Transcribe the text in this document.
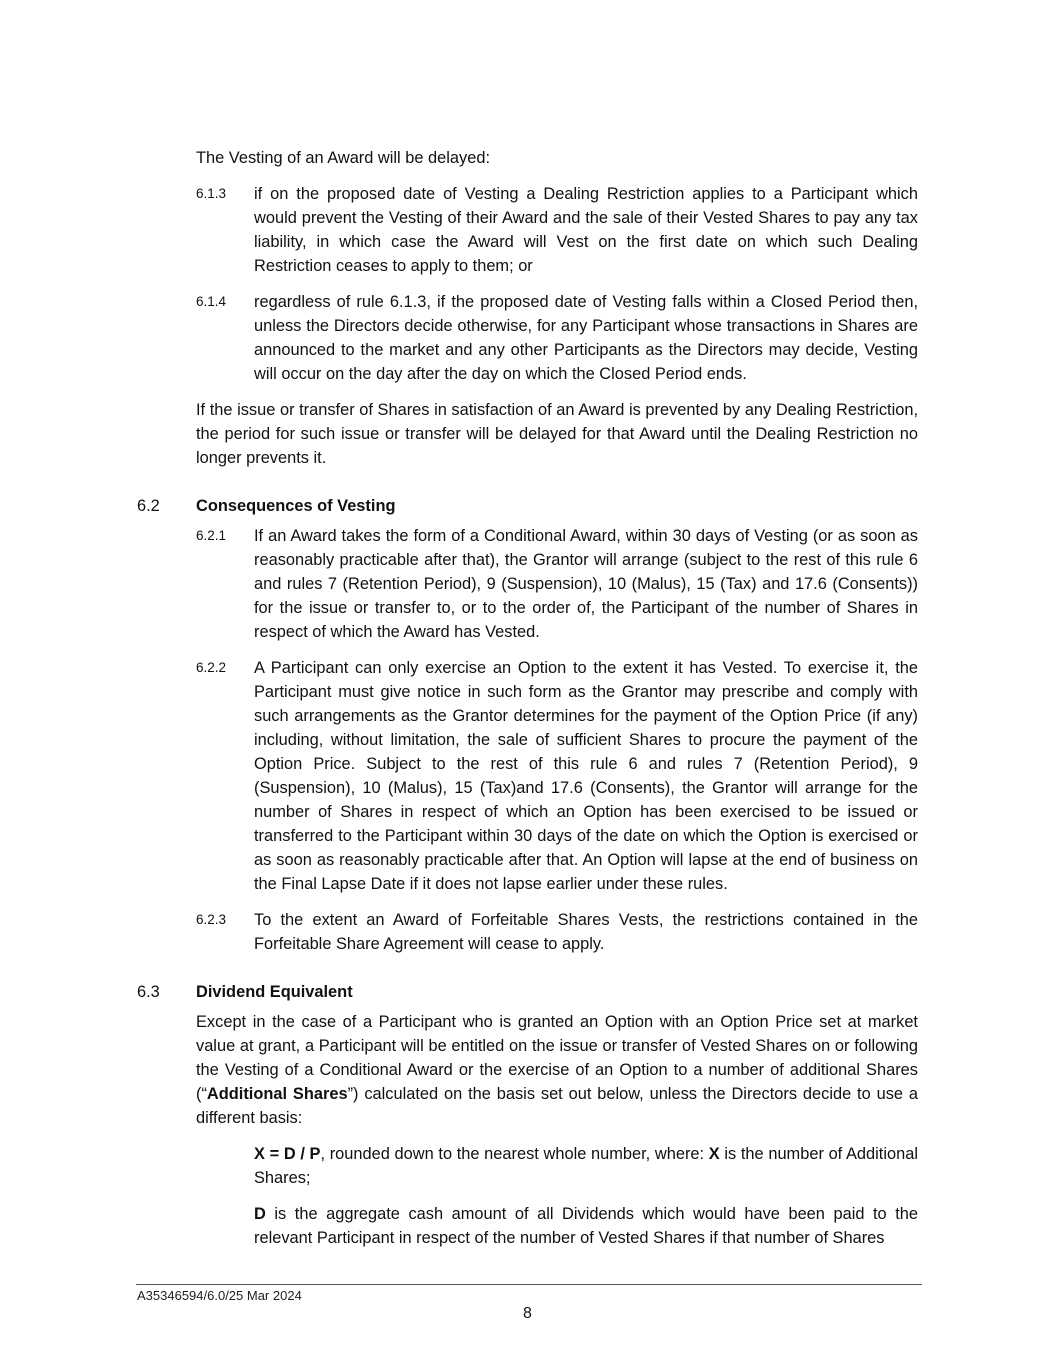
The Vesting of an Award will be delayed:

6.1.3 if on the proposed date of Vesting a Dealing Restriction applies to a Participant which would prevent the Vesting of their Award and the sale of their Vested Shares to pay any tax liability, in which case the Award will Vest on the first date on which such Dealing Restriction ceases to apply to them; or

6.1.4 regardless of rule 6.1.3, if the proposed date of Vesting falls within a Closed Period then, unless the Directors decide otherwise, for any Participant whose transactions in Shares are announced to the market and any other Participants as the Directors may decide, Vesting will occur on the day after the day on which the Closed Period ends.

If the issue or transfer of Shares in satisfaction of an Award is prevented by any Dealing Restriction, the period for such issue or transfer will be delayed for that Award until the Dealing Restriction no longer prevents it.

6.2 Consequences of Vesting
6.2.1 If an Award takes the form of a Conditional Award, within 30 days of Vesting (or as soon as reasonably practicable after that), the Grantor will arrange (subject to the rest of this rule 6 and rules 7 (Retention Period), 9 (Suspension), 10 (Malus), 15 (Tax) and 17.6 (Consents)) for the issue or transfer to, or to the order of, the Participant of the number of Shares in respect of which the Award has Vested.

6.2.2 A Participant can only exercise an Option to the extent it has Vested. To exercise it, the Participant must give notice in such form as the Grantor may prescribe and comply with such arrangements as the Grantor determines for the payment of the Option Price (if any) including, without limitation, the sale of sufficient Shares to procure the payment of the Option Price. Subject to the rest of this rule 6 and rules 7 (Retention Period), 9 (Suspension), 10 (Malus), 15 (Tax)and 17.6 (Consents), the Grantor will arrange for the number of Shares in respect of which an Option has been exercised to be issued or transferred to the Participant within 30 days of the date on which the Option is exercised or as soon as reasonably practicable after that. An Option will lapse at the end of business on the Final Lapse Date if it does not lapse earlier under these rules.

6.2.3 To the extent an Award of Forfeitable Shares Vests, the restrictions contained in the Forfeitable Share Agreement will cease to apply.

6.3 Dividend Equivalent

Except in the case of a Participant who is granted an Option with an Option Price set at market value at grant, a Participant will be entitled on the issue or transfer of Vested Shares on or following the Vesting of a Conditional Award or the exercise of an Option to a number of additional Shares (“Additional Shares”) calculated on the basis set out below, unless the Directors decide to use a different basis:

X = D / P, rounded down to the nearest whole number, where: X is the number of Additional Shares;

D is the aggregate cash amount of all Dividends which would have been paid to the relevant Participant in respect of the number of Vested Shares if that number of Shares

A35346594/6.0/25 Mar 2024
8
